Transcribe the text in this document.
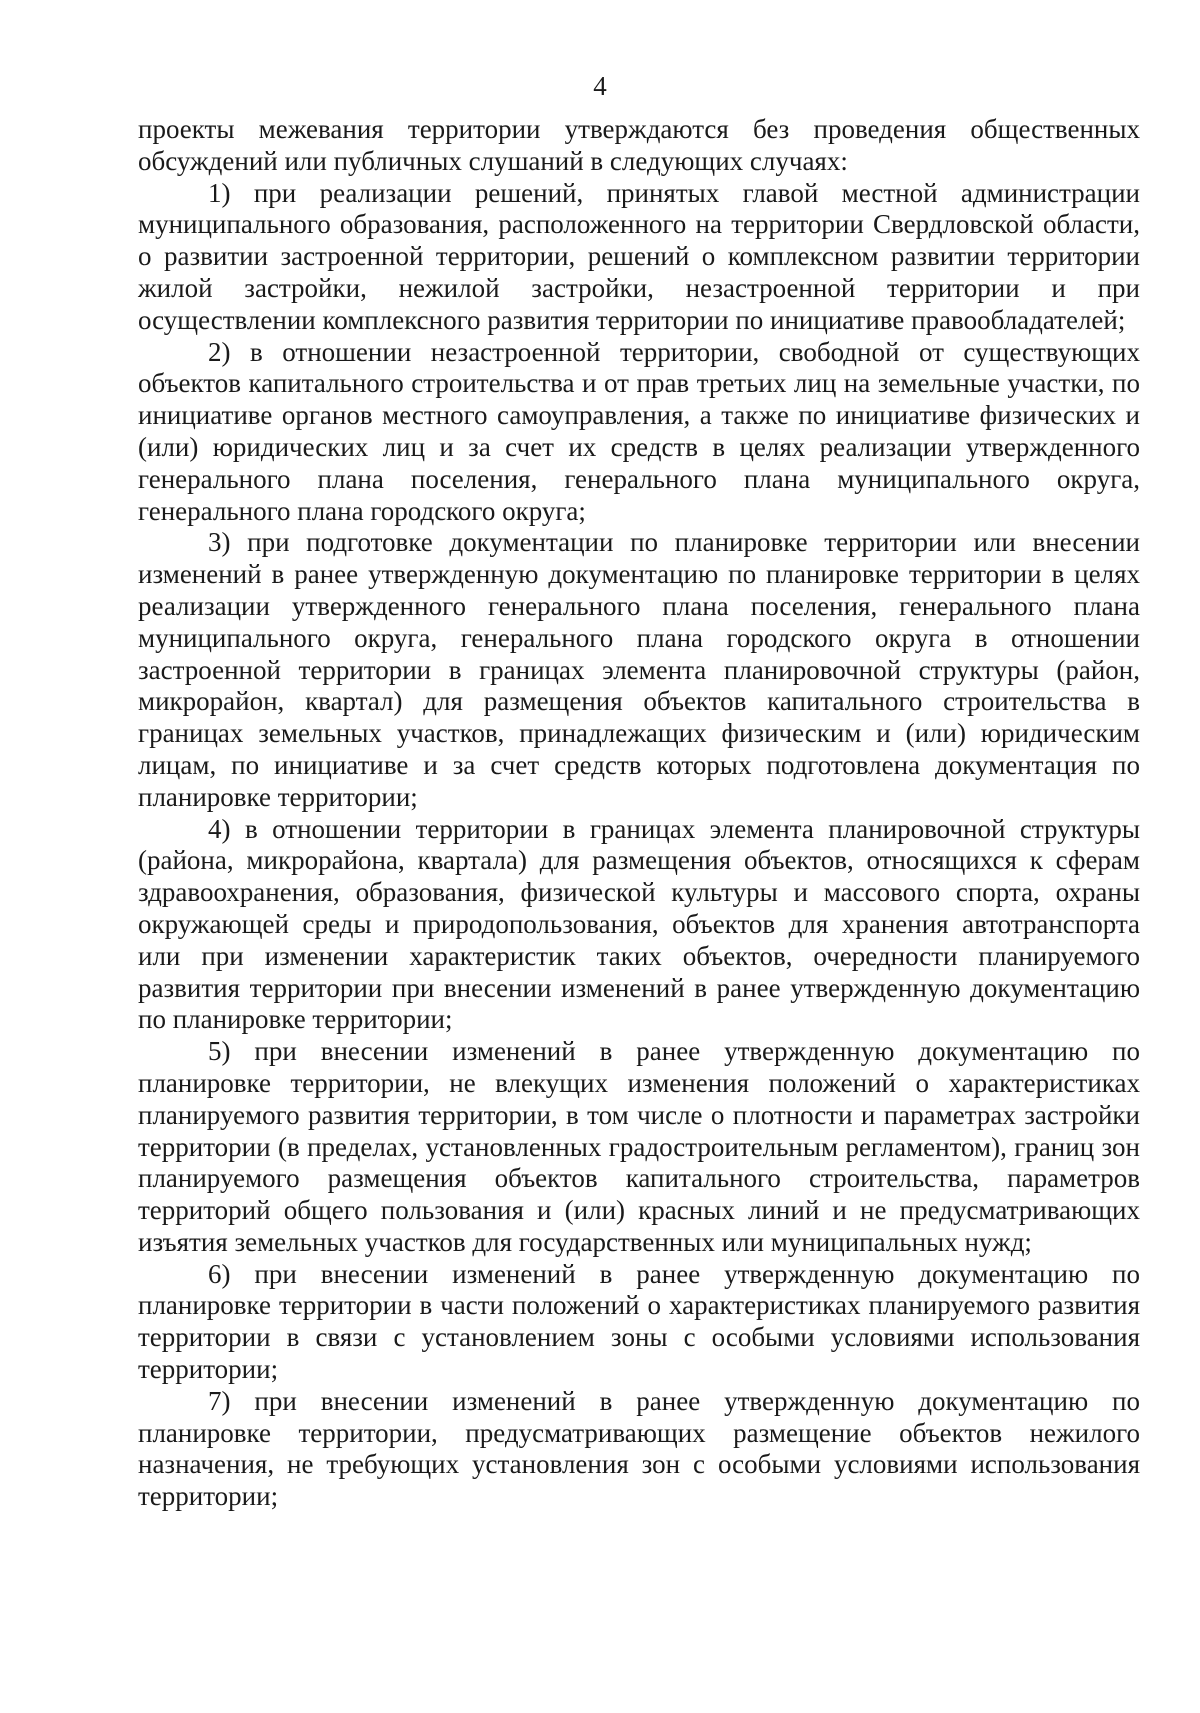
4

проекты межевания территории утверждаются без проведения общественных обсуждений или публичных слушаний в следующих случаях:

1) при реализации решений, принятых главой местной администрации муниципального образования, расположенного на территории Свердловской области, о развитии застроенной территории, решений о комплексном развитии территории жилой застройки, нежилой застройки, незастроенной территории и при осуществлении комплексного развития территории по инициативе правообладателей;

2) в отношении незастроенной территории, свободной от существующих объектов капитального строительства и от прав третьих лиц на земельные участки, по инициативе органов местного самоуправления, а также по инициативе физических и (или) юридических лиц и за счет их средств в целях реализации утвержденного генерального плана поселения, генерального плана муниципального округа, генерального плана городского округа;

3) при подготовке документации по планировке территории или внесении изменений в ранее утвержденную документацию по планировке территории в целях реализации утвержденного генерального плана поселения, генерального плана муниципального округа, генерального плана городского округа в отношении застроенной территории в границах элемента планировочной структуры (район, микрорайон, квартал) для размещения объектов капитального строительства в границах земельных участков, принадлежащих физическим и (или) юридическим лицам, по инициативе и за счет средств которых подготовлена документация по планировке территории;

4) в отношении территории в границах элемента планировочной структуры (района, микрорайона, квартала) для размещения объектов, относящихся к сферам здравоохранения, образования, физической культуры и массового спорта, охраны окружающей среды и природопользования, объектов для хранения автотранспорта или при изменении характеристик таких объектов, очередности планируемого развития территории при внесении изменений в ранее утвержденную документацию по планировке территории;

5) при внесении изменений в ранее утвержденную документацию по планировке территории, не влекущих изменения положений о характеристиках планируемого развития территории, в том числе о плотности и параметрах застройки территории (в пределах, установленных градостроительным регламентом), границ зон планируемого размещения объектов капитального строительства, параметров территорий общего пользования и (или) красных линий и не предусматривающих изъятия земельных участков для государственных или муниципальных нужд;

6) при внесении изменений в ранее утвержденную документацию по планировке территории в части положений о характеристиках планируемого развития территории в связи с установлением зоны с особыми условиями использования территории;

7) при внесении изменений в ранее утвержденную документацию по планировке территории, предусматривающих размещение объектов нежилого назначения, не требующих установления зон с особыми условиями использования территории;
